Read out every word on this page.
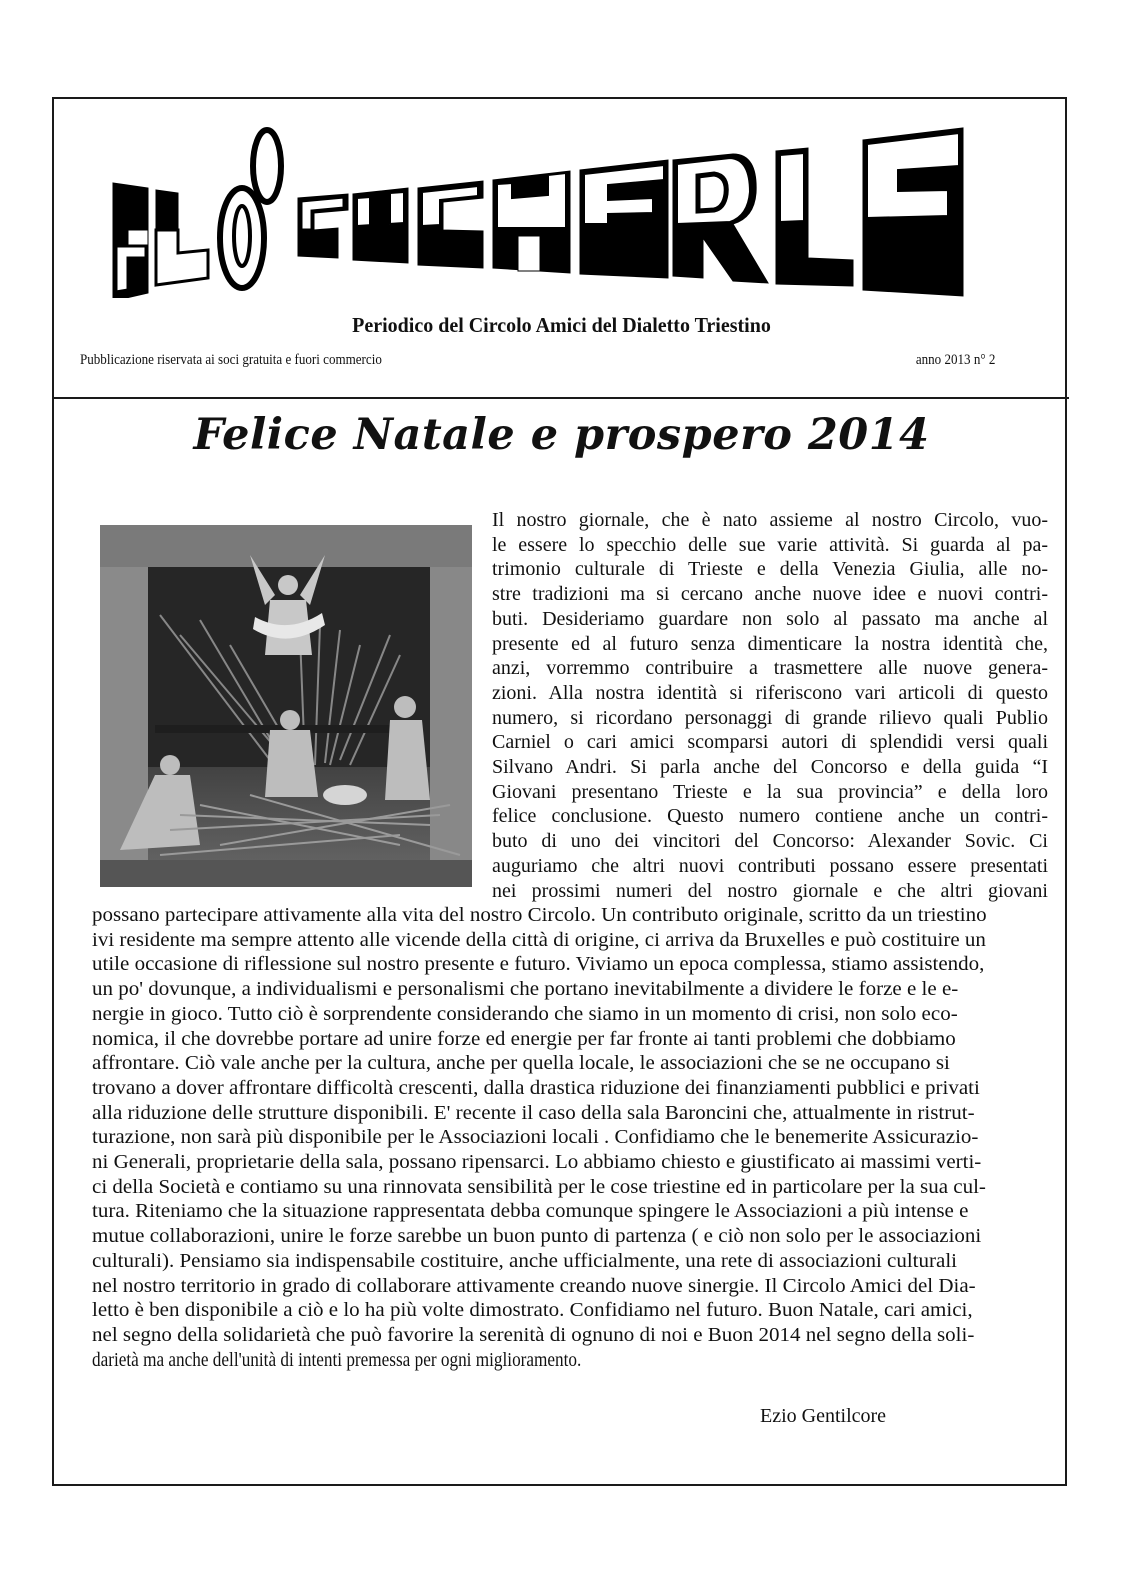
Periodico del Circolo Amici del Dialetto Triestino
Pubblicazione riservata ai soci gratuita e fuori commercio	anno 2013 n° 2
Felice Natale e prospero 2014
Il nostro giornale, che è nato assieme al nostro Circolo, vuo-
le essere lo specchio delle sue varie attività. Si guarda al pa-
trimonio culturale di Trieste e della Venezia Giulia, alle no-
stre tradizioni ma si cercano anche nuove idee e nuovi contri-
buti. Desideriamo guardare non solo al passato ma anche al
presente ed al futuro senza dimenticare la nostra identità che,
anzi, vorremmo contribuire a trasmettere alle nuove genera-
zioni. Alla nostra identità si riferiscono vari articoli di questo
numero, si ricordano personaggi di grande rilievo quali Publio
Carniel o cari amici scomparsi autori di splendidi versi quali
Silvano Andri. Si parla anche del Concorso e della guida “I
Giovani presentano Trieste e la sua provincia” e della loro
felice conclusione. Questo numero contiene anche un contri-
buto di uno dei vincitori del Concorso: Alexander Sovic. Ci
auguriamo che altri nuovi contributi possano essere presentati
nei prossimi numeri del nostro giornale e che altri giovani
possano partecipare attivamente alla vita del nostro Circolo. Un contributo originale, scritto da un triestino
ivi residente ma sempre attento alle vicende della città di origine, ci arriva da Bruxelles e può costituire un
utile occasione di riflessione sul nostro presente e futuro. Viviamo un epoca complessa, stiamo assistendo,
un po' dovunque, a individualismi e personalismi che portano inevitabilmente a dividere le forze e le e-
nergie in gioco. Tutto ciò è sorprendente considerando che siamo in un momento di crisi, non solo eco-
nomica, il che dovrebbe portare ad unire forze ed energie per far fronte ai tanti problemi che dobbiamo
affrontare. Ciò vale anche per la cultura, anche per quella locale, le associazioni che se ne occupano si
trovano a dover affrontare difficoltà crescenti, dalla drastica riduzione dei finanziamenti pubblici e privati
alla riduzione delle strutture disponibili. E' recente il caso della sala Baroncini che, attualmente in ristrut-
turazione, non sarà più disponibile per le Associazioni locali . Confidiamo che le benemerite Assicurazio-
ni Generali, proprietarie della sala, possano ripensarci. Lo abbiamo chiesto e giustificato ai massimi verti-
ci della Società e contiamo su una rinnovata sensibilità per le cose triestine ed in particolare per la sua cul-
tura. Riteniamo che la situazione rappresentata debba comunque spingere le Associazioni a più intense e
mutue collaborazioni, unire le forze sarebbe un buon punto di partenza ( e ciò non solo per le associazioni
culturali). Pensiamo sia indispensabile costituire, anche ufficialmente, una rete di associazioni culturali
nel nostro territorio in grado di collaborare attivamente creando nuove sinergie. Il Circolo Amici del Dia-
letto è ben disponibile a ciò e lo ha più volte dimostrato. Confidiamo nel futuro. Buon Natale, cari amici,
nel segno della solidarietà che può favorire la serenità di ognuno di noi e Buon 2014 nel segno della soli-
darietà ma anche dell'unità di intenti premessa per ogni miglioramento.
Ezio Gentilcore
